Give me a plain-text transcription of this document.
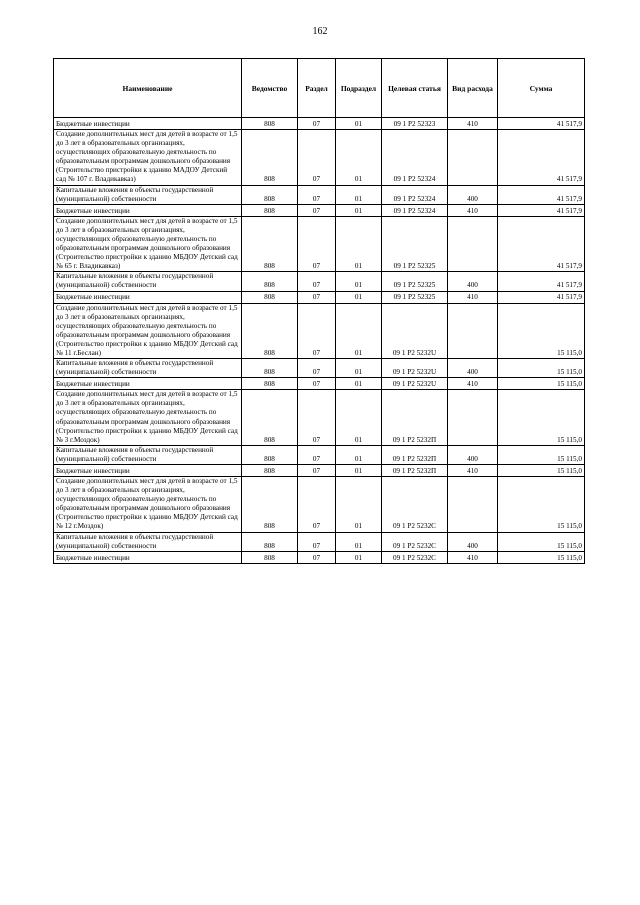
162
Наименование	Ведомство	Раздел	Подраздел	Целевая статья	Вид расхода	Сумма
Бюджетные инвестиции	808	07	01	09 1 P2 52323	410	41 517,9
Создание дополнительных мест для детей в возрасте от 1,5 до 3 лет в образовательных организациях, осуществляющих образовательную деятельность по образовательным программам дошкольного образования (Строительство пристройки к зданию МАДОУ Детский сад № 107 г. Владикавказ)	808	07	01	09 1 P2 52324		41 517,9
Капитальные вложения в объекты государственной (муниципальной) собственности	808	07	01	09 1 P2 52324	400	41 517,9
Бюджетные инвестиции	808	07	01	09 1 P2 52324	410	41 517,9
Создание дополнительных мест для детей в возрасте от 1,5 до 3 лет в образовательных организациях, осуществляющих образовательную деятельность по образовательным программам дошкольного образования (Строительство пристройки к зданию МБДОУ Детский сад № 65 г. Владикавказ)	808	07	01	09 1 P2 52325		41 517,9
Капитальные вложения в объекты государственной (муниципальной) собственности	808	07	01	09 1 P2 52325	400	41 517,9
Бюджетные инвестиции	808	07	01	09 1 P2 52325	410	41 517,9
Создание дополнительных мест для детей в возрасте от 1,5 до 3 лет в образовательных организациях, осуществляющих образовательную деятельность по образовательным программам дошкольного образования (Строительство пристройки к зданию МБДОУ Детский сад № 11 г.Беслан)	808	07	01	09 1 P2 5232U		15 115,0
Капитальные вложения в объекты государственной (муниципальной) собственности	808	07	01	09 1 P2 5232U	400	15 115,0
Бюджетные инвестиции	808	07	01	09 1 P2 5232U	410	15 115,0
Создание дополнительных мест для детей в возрасте от 1,5 до 3 лет в образовательных организациях, осуществляющих образовательную деятельность по образовательным программам дошкольного образования (Строительство пристройки к зданию МБДОУ Детский сад № 3 г.Моздок)	808	07	01	09 1 P2 5232П		15 115,0
Капитальные вложения в объекты государственной (муниципальной) собственности	808	07	01	09 1 P2 5232П	400	15 115,0
Бюджетные инвестиции	808	07	01	09 1 P2 5232П	410	15 115,0
Создание дополнительных мест для детей в возрасте от 1,5 до 3 лет в образовательных организациях, осуществляющих образовательную деятельность по образовательным программам дошкольного образования (Строительство пристройки к зданию МБДОУ Детский сад № 12 г.Моздок)	808	07	01	09 1 P2 5232С		15 115,0
Капитальные вложения в объекты государственной (муниципальной) собственности	808	07	01	09 1 P2 5232С	400	15 115,0
Бюджетные инвестиции	808	07	01	09 1 P2 5232С	410	15 115,0
